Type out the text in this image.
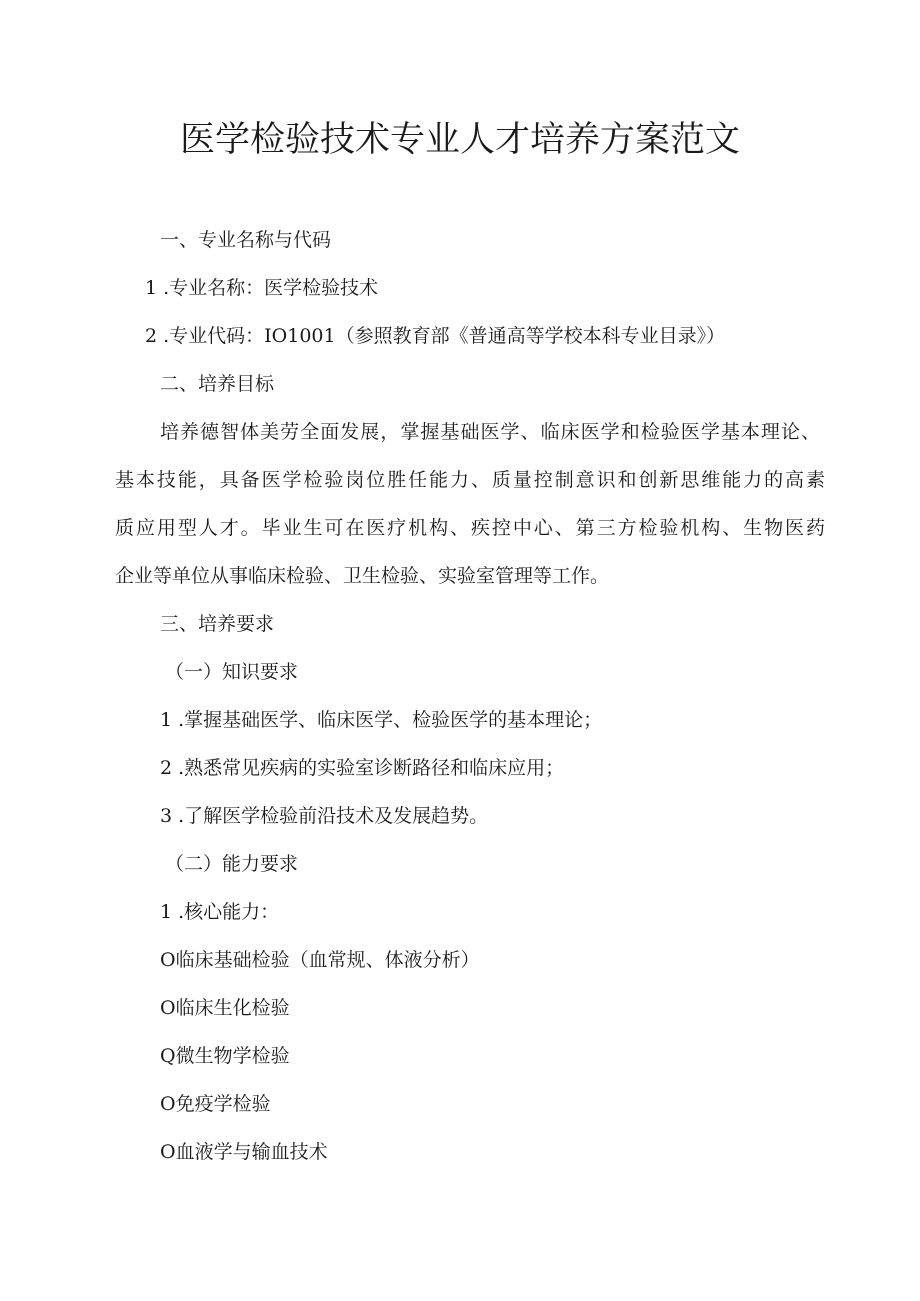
医学检验技术专业人才培养方案范文

一、专业名称与代码

1 .专业名称：医学检验技术

2 .专业代码：IO1001（参照教育部《普通高等学校本科专业目录》）

二、培养目标

培养德智体美劳全面发展，掌握基础医学、临床医学和检验医学基本理论、

基本技能，具备医学检验岗位胜任能力、质量控制意识和创新思维能力的高素

质应用型人才。毕业生可在医疗机构、疾控中心、第三方检验机构、生物医药

企业等单位从事临床检验、卫生检验、实验室管理等工作。

三、培养要求

（一）知识要求

1 .掌握基础医学、临床医学、检验医学的基本理论；

2 .熟悉常见疾病的实验室诊断路径和临床应用；

3 .了解医学检验前沿技术及发展趋势。

（二）能力要求

1 .核心能力：

O临床基础检验（血常规、体液分析）

O临床生化检验

Q微生物学检验

O免疫学检验

O血液学与输血技术
